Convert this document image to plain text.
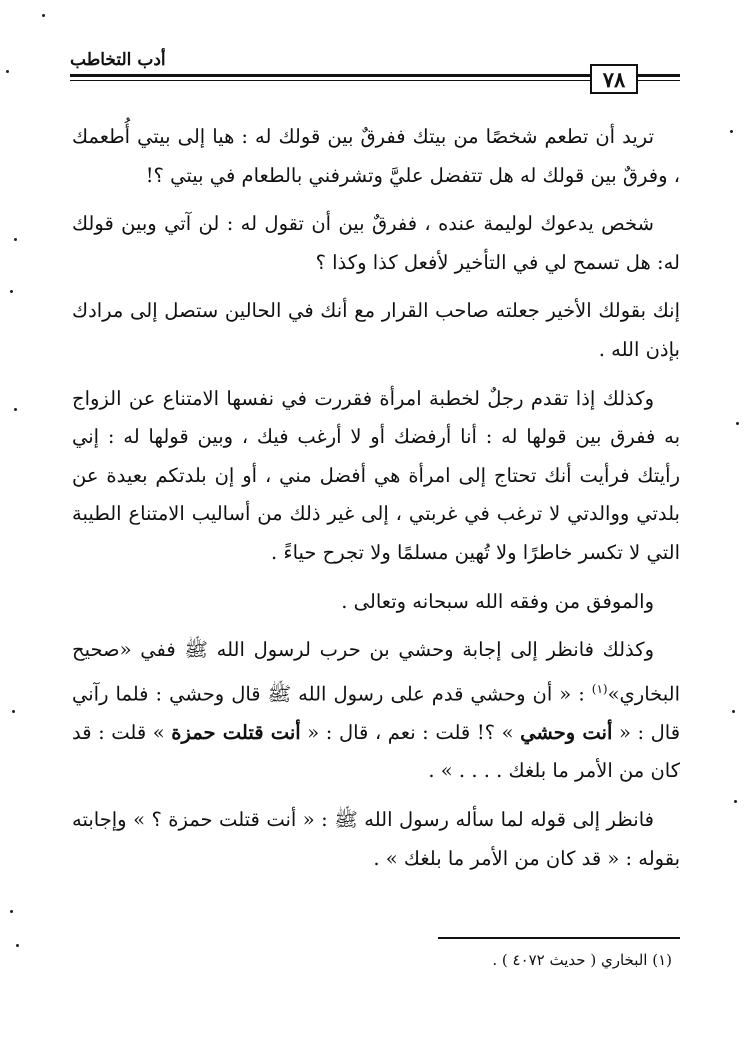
أدب التخاطب
٧٨

تريد أن تطعم شخصًا من بيتك ففرقٌ بين قولك له : هيا إلى بيتي أُطعمك ، وفرقٌ بين قولك له هل تتفضل عليَّ وتشرفني بالطعام في بيتي ؟!

شخص يدعوك لوليمة عنده ، ففرقٌ بين أن تقول له : لن آتي وبين قولك له: هل تسمح لي في التأخير لأفعل كذا وكذا ؟

إنك بقولك الأخير جعلته صاحب القرار مع أنك في الحالين ستصل إلى مرادك بإذن الله .

وكذلك إذا تقدم رجلٌ لخطبة امرأة فقررت في نفسها الامتناع عن الزواج به ففرق بين قولها له : أنا أرفضك أو لا أرغب فيك ، وبين قولها له : إني رأيتك فرأيت أنك تحتاج إلى امرأة هي أفضل مني ، أو إن بلدتكم بعيدة عن بلدتي ووالدتي لا ترغب في غربتي ، إلى غير ذلك من أساليب الامتناع الطيبة التي لا تكسر خاطرًا ولا تُهين مسلمًا ولا تجرح حياءً .

والموفق من وفقه الله سبحانه وتعالى .

وكذلك فانظر إلى إجابة وحشي بن حرب لرسول الله ﷺ ففي «صحيح البخاري»$^{(١)}$ : « أن وحشي قدم على رسول الله ﷺ قال وحشي : فلما رآني قال : « أنت وحشي » ؟! قلت : نعم ، قال : « أنت قتلت حمزة » قلت : قد كان من الأمر ما بلغك . . . . » .

فانظر إلى قوله لما سأله رسول الله ﷺ : « أنت قتلت حمزة ؟ » وإجابته بقوله : « قد كان من الأمر ما بلغك » .

(١) البخاري ( حديث ٤٠٧٢ ) .
